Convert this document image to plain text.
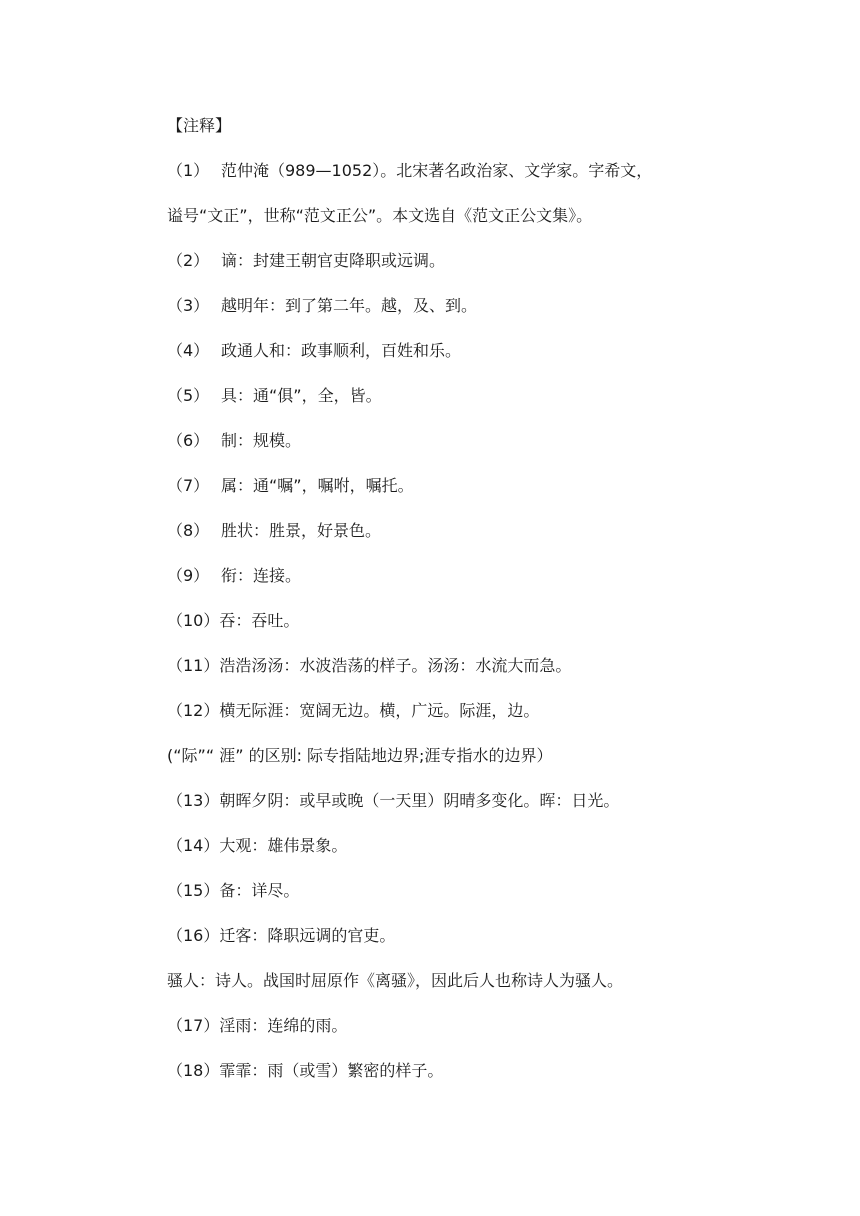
【注释】
（1） 范仲淹（989—1052）。北宋著名政治家、文学家。字希文，
谥号“文正”，世称“范文正公”。本文选自《范文正公文集》。
（2） 谪：封建王朝官吏降职或远调。
（3） 越明年：到了第二年。越，及、到。
（4） 政通人和：政事顺利，百姓和乐。
（5） 具：通“俱”，全，皆。
（6） 制：规模。
（7） 属：通“嘱”，嘱咐，嘱托。
（8） 胜状：胜景，好景色。
（9） 衔：连接。
（10）吞：吞吐。
（11）浩浩汤汤：水波浩荡的样子。汤汤：水流大而急。
（12）横无际涯：宽阔无边。横，广远。际涯，边。
(“际”“ 涯” 的区别: 际专指陆地边界;涯专指水的边界）
（13）朝晖夕阴：或早或晚（一天里）阴晴多变化。晖：日光。
（14）大观：雄伟景象。
（15）备：详尽。
（16）迁客：降职远调的官吏。
骚人：诗人。战国时屈原作《离骚》，因此后人也称诗人为骚人。
（17）淫雨：连绵的雨。
（18）霏霏：雨（或雪）繁密的样子。
